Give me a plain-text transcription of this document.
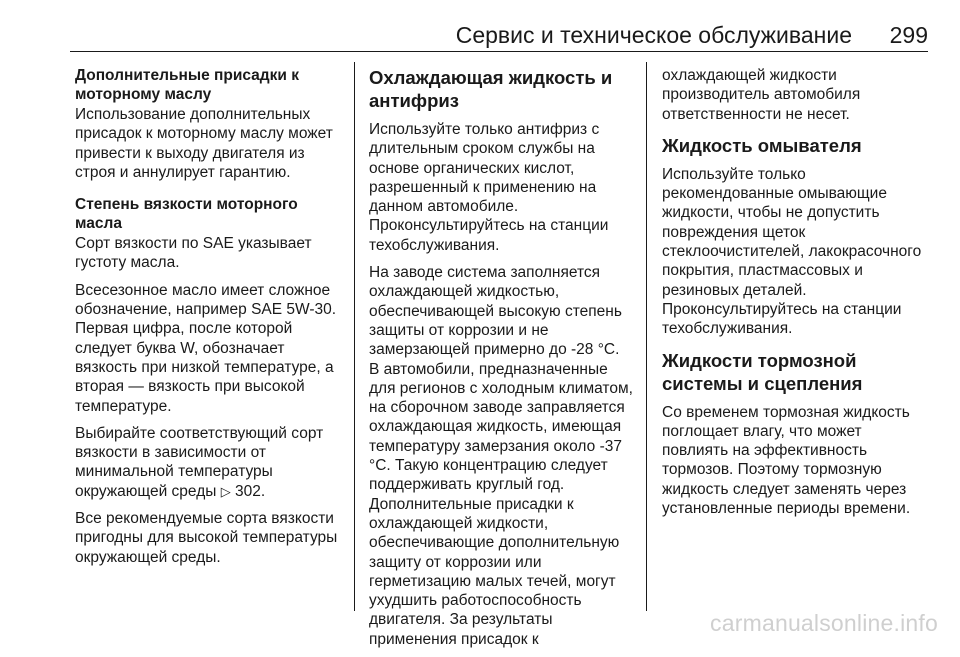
Сервис и техническое обслуживание 299
Дополнительные присадки к моторному маслу

Использование дополнительных присадок к моторному маслу может привести к выходу двигателя из строя и аннулирует гарантию.

Степень вязкости моторного масла

Сорт вязкости по SAE указывает густоту масла.

Всесезонное масло имеет сложное обозначение, например SAE 5W-30. Первая цифра, после которой следует буква W, обозначает вязкость при низкой температуре, а вторая — вязкость при высокой температуре.

Выбирайте соответствующий сорт вязкости в зависимости от минимальной температуры окружающей среды ▷ 302.

Все рекомендуемые сорта вязкости пригодны для высокой температуры окружающей среды.

Охлаждающая жидкость и антифриз

Используйте только антифриз с длительным сроком службы на основе органических кислот, разрешенный к применению на данном автомобиле. Проконсультируйтесь на станции техобслуживания.

На заводе система заполняется охлаждающей жидкостью, обеспечивающей высокую степень защиты от коррозии и не замерзающей примерно до -28 °C. В автомобили, предназначенные для регионов с холодным климатом, на сборочном заводе заправляется охлаждающая жидкость, имеющая температуру замерзания около -37 °C. Такую концентрацию следует поддерживать круглый год. Дополнительные присадки к охлаждающей жидкости, обеспечивающие дополнительную защиту от коррозии или герметизацию малых течей, могут ухудшить работоспособность двигателя. За результаты применения присадок к

охлаждающей жидкости производитель автомобиля ответственности не несет.

Жидкость омывателя

Используйте только рекомендованные омывающие жидкости, чтобы не допустить повреждения щеток стеклоочистителей, лакокрасочного покрытия, пластмассовых и резиновых деталей. Проконсультируйтесь на станции техобслуживания.

Жидкости тормозной системы и сцепления

Со временем тормозная жидкость поглощает влагу, что может повлиять на эффективность тормозов. Поэтому тормозную жидкость следует заменять через установленные периоды времени.

carmanualsonline.info
